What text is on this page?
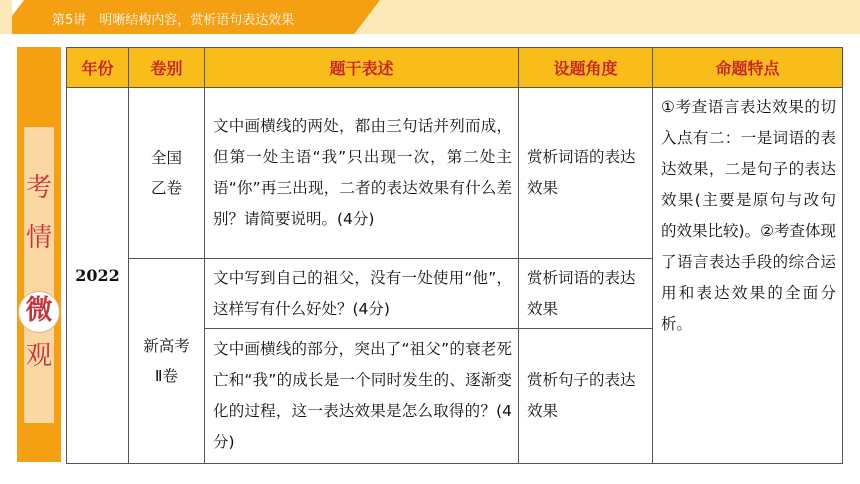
第5讲　明晰结构内容，赏析语句表达效果
考
情
微
观
年份	卷别	题干表述	设题角度	命题特点
2022	全国乙卷	文中画横线的两处，都由三句话并列而成，但第一处主语“我”只出现一次，第二处主语“你”再三出现，二者的表达效果有什么差别？请简要说明。(4分)	赏析词语的表达效果	①考查语言表达效果的切入点有二：一是词语的表达效果，二是句子的表达效果(主要是原句与改句的效果比较)。②考查体现了语言表达手段的综合运用和表达效果的全面分析。
	新高考Ⅱ卷	文中写到自己的祖父，没有一处使用“他”，这样写有什么好处？(4分)	赏析词语的表达效果	
		文中画横线的部分，突出了“祖父”的衰老死亡和“我”的成长是一个同时发生的、逐渐变化的过程，这一表达效果是怎么取得的？(4分)	赏析句子的表达效果	
